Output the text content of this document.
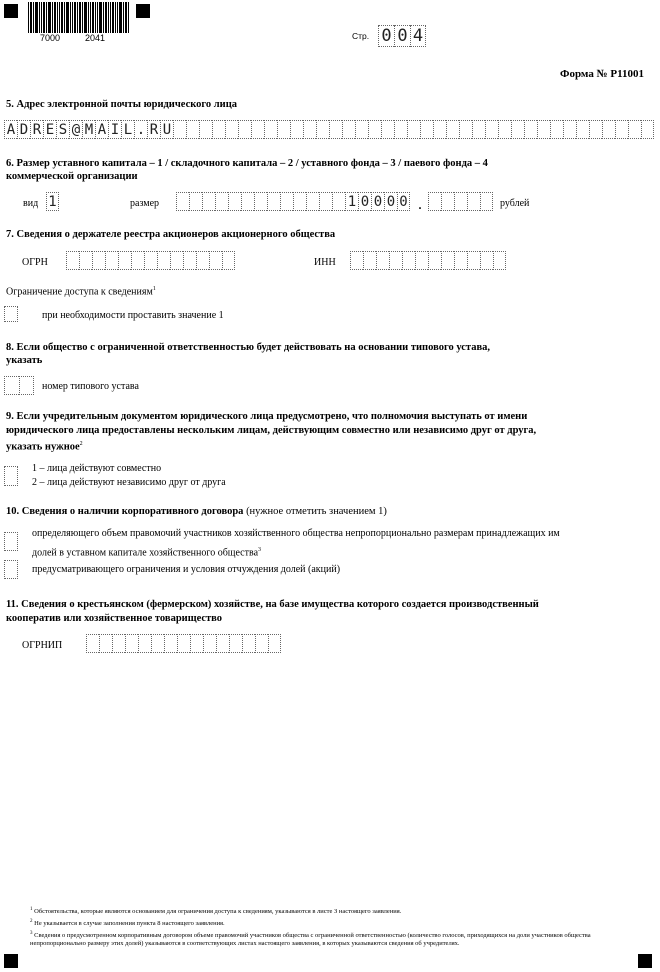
7000	2041	Стр. 0 0 4
Форма № Р11001
5. Адрес электронной почты юридического лица
A D R E S @ M A I L . R U
6. Размер уставного капитала – 1 / складочного капитала – 2 / уставного фонда – 3 / паевого фонда – 4
коммерческой организации
вид 1	размер	1 0 0 0 0 .	рублей
7. Сведения о держателе реестра акционеров акционерного общества
ОГРН	ИНН
Ограничение доступа к сведениям$^1$
при необходимости проставить значение 1
8. Если общество с ограниченной ответственностью будет действовать на основании типового устава,
указать
номер типового устава
9. Если учредительным документом юридического лица предусмотрено, что полномочия выступать от имени
юридического лица предоставлены нескольким лицам, действующим совместно или независимо друг от друга,
указать нужное$^2$
1 – лица действуют совместно
2 – лица действуют независимо друг от друга
10. Сведения о наличии корпоративного договора (нужное отметить значением 1)
определяющего объем правомочий участников хозяйственного общества непропорционально размерам принадлежащих им
долей в уставном капитале хозяйственного общества$^3$
предусматривающего ограничения и условия отчуждения долей (акций)
11. Сведения о крестьянском (фермерском) хозяйстве, на базе имущества которого создается производственный
кооператив или хозяйственное товарищество
ОГРНИП
$^1$ Обстоятельства, которые являются основанием для ограничения доступа к сведениям, указываются в листе З настоящего заявления.
$^2$ Не указывается в случае заполнения пункта 8 настоящего заявления.
$^3$ Сведения о предусмотренном корпоративным договором объеме правомочий участников общества с ограниченной ответственностью (количество голосов, приходящихся на доли участников общества непропорционально размеру этих долей) указываются в соответствующих листах настоящего заявления, в которых указываются сведения об учредителях.
